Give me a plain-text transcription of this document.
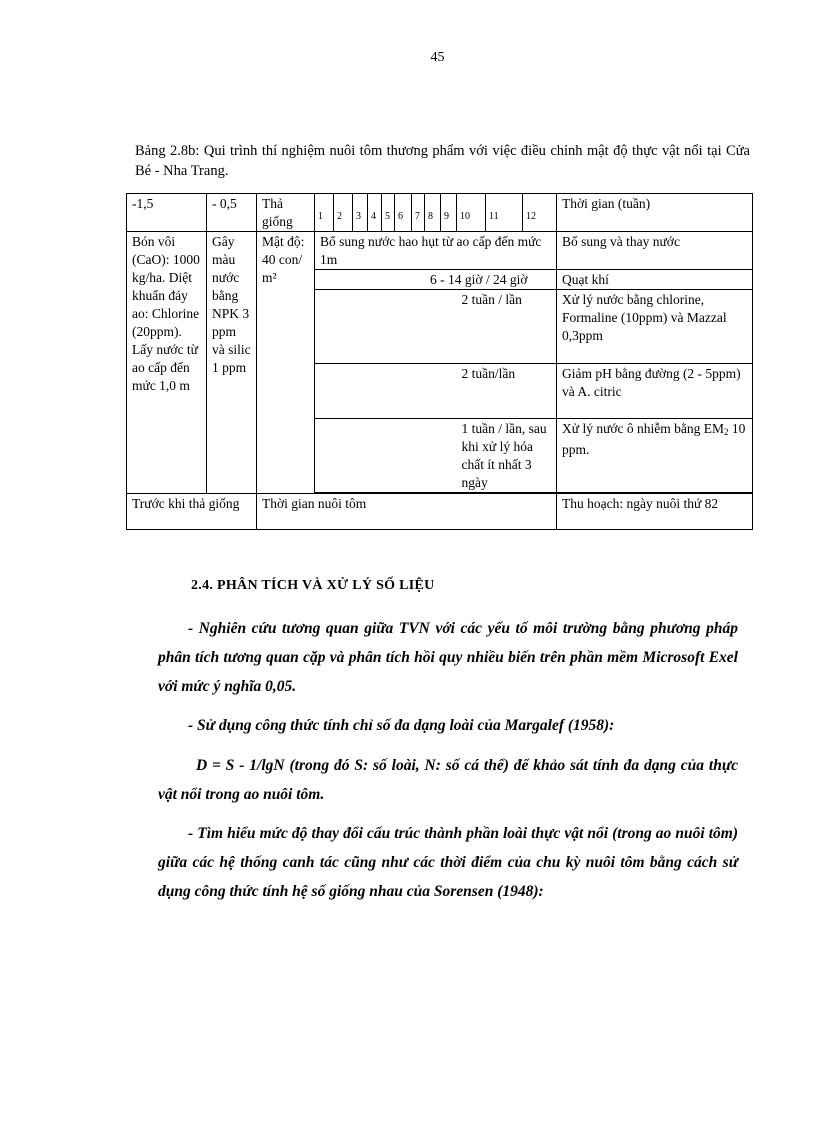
45
Bảng 2.8b: Qui trình thí nghiệm nuôi tôm thương phẩm với việc điều chỉnh mật độ thực vật nổi tại Cửa Bé - Nha Trang.
-1,5	- 0,5	Thả giống	1	2	3	4	5	6	7	8	9	10	11	12	Thời gian (tuần)
Bón vôi (CaO): 1000 kg/ha. Diệt khuẩn đáy ao: Chlorine (20ppm). Lấy nước từ ao cấp đến mức 1,0 m	Gây màu nước bằng NPK 3 ppm và silic 1 ppm	Mật độ: 40 con/ m²	Bổ sung nước hao hụt từ ao cấp đến mức 1m												Bổ sung và thay nước
			6 - 14 giờ / 24 giờ												Quạt khí
												2 tuần / lần			Xử lý nước bằng chlorine, Formaline (10ppm) và Mazzal 0,3ppm
												2 tuần/lần			Giảm pH bằng đường (2 - 5ppm) và A. citric
												1 tuần / lần, sau khi xử lý hóa chất ít nhất 3 ngày			Xử lý nước ô nhiễm bằng $EM_2$ 10 ppm.

Trước khi thả giống		Thời gian nuôi tôm													Thu hoạch: ngày nuôi thứ 82
2.4. PHÂN TÍCH VÀ XỬ LÝ SỐ LIỆU
- Nghiên cứu tương quan giữa TVN với các yếu tố môi trường bằng phương pháp phân tích tương quan cặp và phân tích hồi quy nhiều biến trên phần mềm Microsoft Exel với mức ý nghĩa 0,05.
- Sử dụng công thức tính chỉ số đa dạng loài của Margalef (1958):
D = S - 1/lgN (trong đó S: số loài, N: số cá thể) để khảo sát tính đa dạng của thực vật nổi trong ao nuôi tôm.
- Tìm hiểu mức độ thay đổi cấu trúc thành phần loài thực vật nổi (trong ao nuôi tôm) giữa các hệ thống canh tác cũng như các thời điểm của chu kỳ nuôi tôm bằng cách sử dụng công thức tính hệ số giống nhau của Sorensen (1948):
